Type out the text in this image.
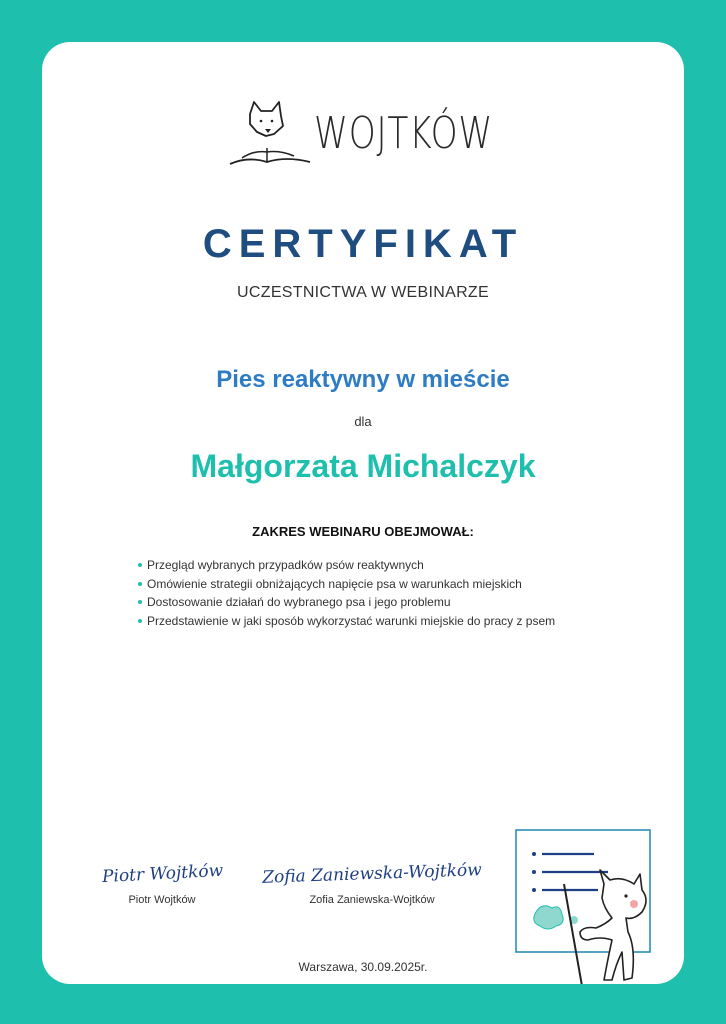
WOJTKÓW
CERTYFIKAT
UCZESTNICTWA W WEBINARZE
Pies reaktywny w mieście
dla
Małgorzata Michalczyk
ZAKRES WEBINARU OBEJMOWAŁ:
Przegląd wybranych przypadków psów reaktywnych
Omówienie strategii obniżających napięcie psa w warunkach miejskich
Dostosowanie działań do wybranego psa i jego problemu
Przedstawienie w jaki sposób wykorzystać warunki miejskie do pracy z psem
Piotr Wojtków
Piotr Wojtków
Zofia Zaniewska-Wojtków
Zofia Zaniewska-Wojtków
Warszawa, 30.09.2025r.
